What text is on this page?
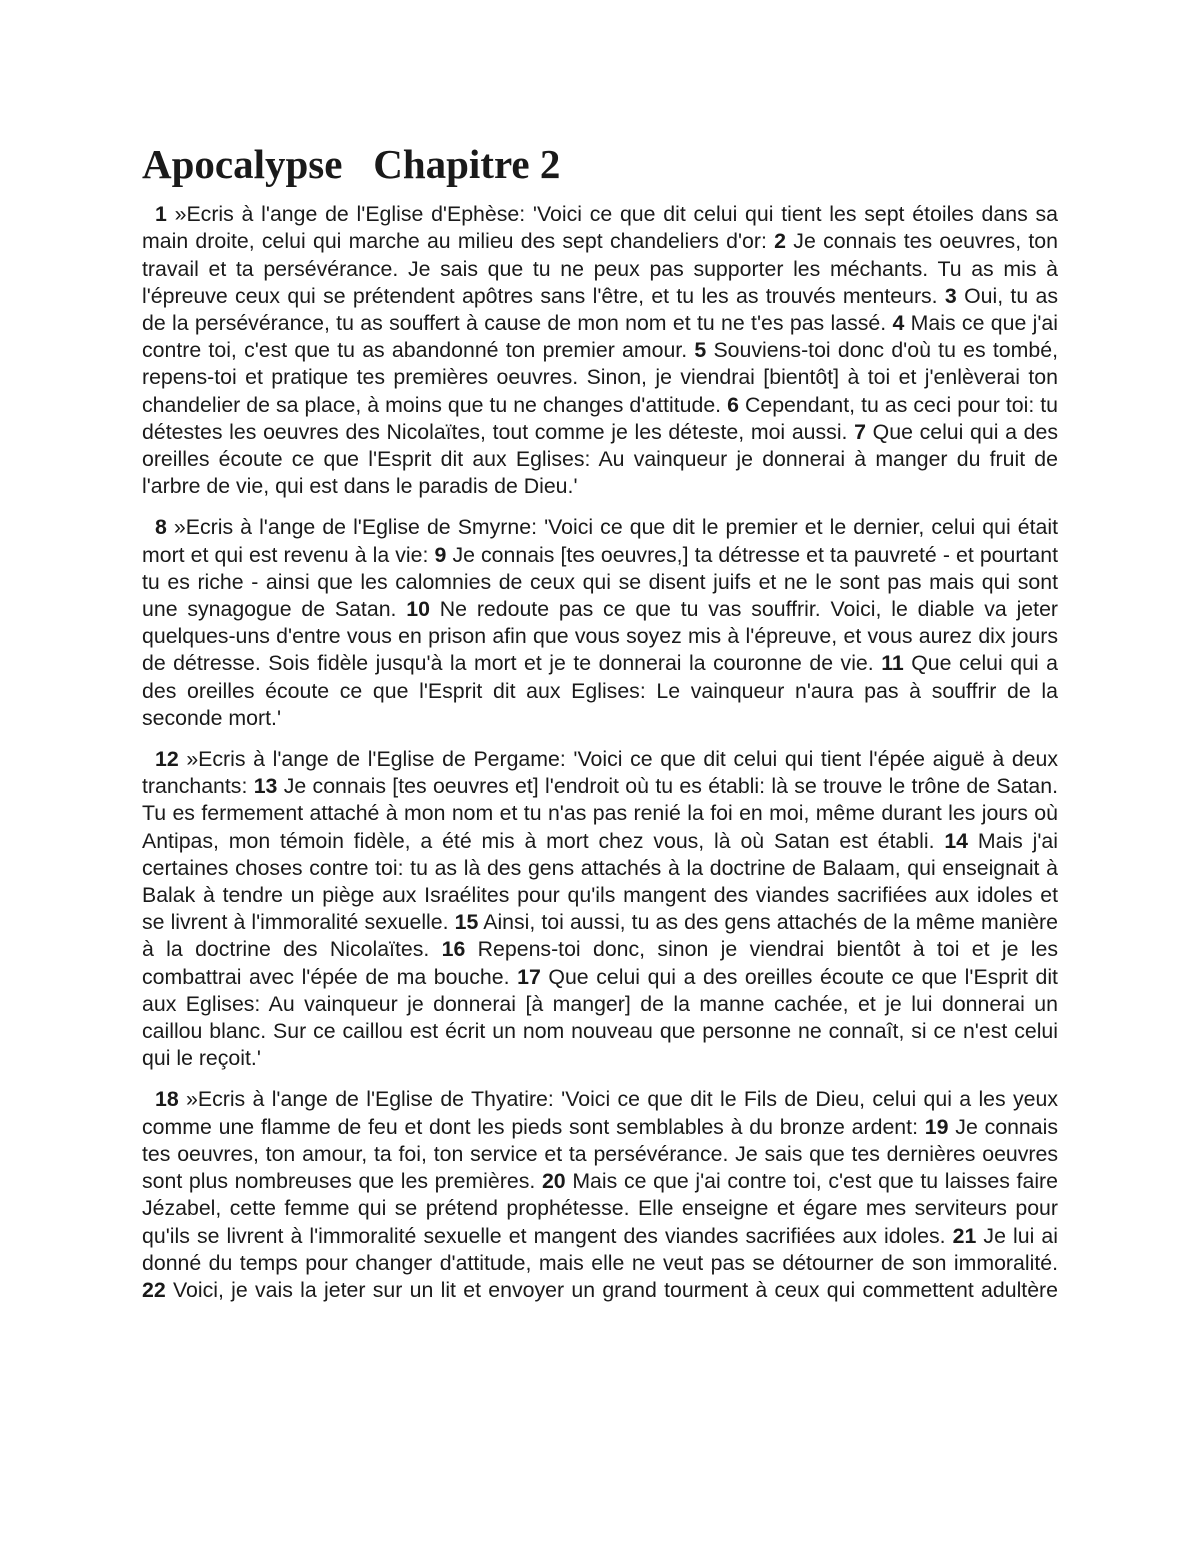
Apocalypse   Chapitre 2

1 »Ecris à l'ange de l'Eglise d'Ephèse: 'Voici ce que dit celui qui tient les sept étoiles dans sa main droite, celui qui marche au milieu des sept chandeliers d'or: 2 Je connais tes oeuvres, ton travail et ta persévérance. Je sais que tu ne peux pas supporter les méchants. Tu as mis à l'épreuve ceux qui se prétendent apôtres sans l'être, et tu les as trouvés menteurs. 3 Oui, tu as de la persévérance, tu as souffert à cause de mon nom et tu ne t'es pas lassé. 4 Mais ce que j'ai contre toi, c'est que tu as abandonné ton premier amour. 5 Souviens-toi donc d'où tu es tombé, repens-toi et pratique tes premières oeuvres. Sinon, je viendrai [bientôt] à toi et j'enlèverai ton chandelier de sa place, à moins que tu ne changes d'attitude. 6 Cependant, tu as ceci pour toi: tu détestes les oeuvres des Nicolaïtes, tout comme je les déteste, moi aussi. 7 Que celui qui a des oreilles écoute ce que l'Esprit dit aux Eglises: Au vainqueur je donnerai à manger du fruit de l'arbre de vie, qui est dans le paradis de Dieu.'

8 »Ecris à l'ange de l'Eglise de Smyrne: 'Voici ce que dit le premier et le dernier, celui qui était mort et qui est revenu à la vie: 9 Je connais [tes oeuvres,] ta détresse et ta pauvreté - et pourtant tu es riche - ainsi que les calomnies de ceux qui se disent juifs et ne le sont pas mais qui sont une synagogue de Satan. 10 Ne redoute pas ce que tu vas souffrir. Voici, le diable va jeter quelques-uns d'entre vous en prison afin que vous soyez mis à l'épreuve, et vous aurez dix jours de détresse. Sois fidèle jusqu'à la mort et je te donnerai la couronne de vie. 11 Que celui qui a des oreilles écoute ce que l'Esprit dit aux Eglises: Le vainqueur n'aura pas à souffrir de la seconde mort.'

12 »Ecris à l'ange de l'Eglise de Pergame: 'Voici ce que dit celui qui tient l'épée aiguë à deux tranchants: 13 Je connais [tes oeuvres et] l'endroit où tu es établi: là se trouve le trône de Satan. Tu es fermement attaché à mon nom et tu n'as pas renié la foi en moi, même durant les jours où Antipas, mon témoin fidèle, a été mis à mort chez vous, là où Satan est établi. 14 Mais j'ai certaines choses contre toi: tu as là des gens attachés à la doctrine de Balaam, qui enseignait à Balak à tendre un piège aux Israélites pour qu'ils mangent des viandes sacrifiées aux idoles et se livrent à l'immoralité sexuelle. 15 Ainsi, toi aussi, tu as des gens attachés de la même manière à la doctrine des Nicolaïtes. 16 Repens-toi donc, sinon je viendrai bientôt à toi et je les combattrai avec l'épée de ma bouche. 17 Que celui qui a des oreilles écoute ce que l'Esprit dit aux Eglises: Au vainqueur je donnerai [à manger] de la manne cachée, et je lui donnerai un caillou blanc. Sur ce caillou est écrit un nom nouveau que personne ne connaît, si ce n'est celui qui le reçoit.'

18 »Ecris à l'ange de l'Eglise de Thyatire: 'Voici ce que dit le Fils de Dieu, celui qui a les yeux comme une flamme de feu et dont les pieds sont semblables à du bronze ardent: 19 Je connais tes oeuvres, ton amour, ta foi, ton service et ta persévérance. Je sais que tes dernières oeuvres sont plus nombreuses que les premières. 20 Mais ce que j'ai contre toi, c'est que tu laisses faire Jézabel, cette femme qui se prétend prophétesse. Elle enseigne et égare mes serviteurs pour qu'ils se livrent à l'immoralité sexuelle et mangent des viandes sacrifiées aux idoles. 21 Je lui ai donné du temps pour changer d'attitude, mais elle ne veut pas se détourner de son immoralité. 22 Voici, je vais la jeter sur un lit et envoyer un grand tourment à ceux qui commettent adultère
